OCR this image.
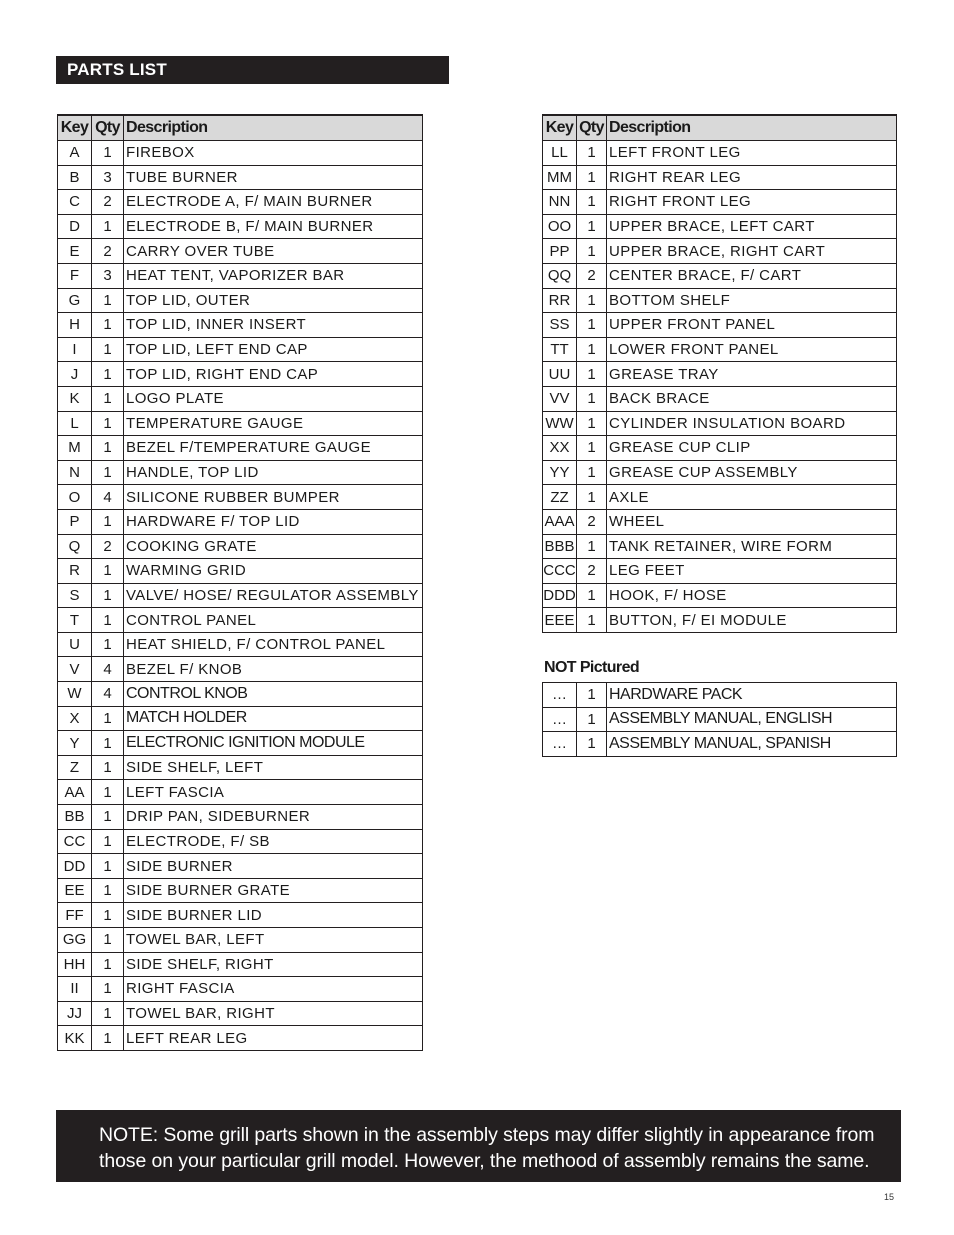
PARTS LIST
Key	Qty	Description
A	1	FIREBOX
B	3	TUBE BURNER
C	2	ELECTRODE A, F/ MAIN BURNER
D	1	ELECTRODE B, F/ MAIN BURNER
E	2	CARRY OVER TUBE
F	3	HEAT TENT, VAPORIZER BAR
G	1	TOP LID, OUTER
H	1	TOP LID, INNER INSERT
I	1	TOP LID, LEFT END CAP
J	1	TOP LID, RIGHT END CAP
K	1	LOGO PLATE
L	1	TEMPERATURE GAUGE
M	1	BEZEL F/TEMPERATURE GAUGE
N	1	HANDLE, TOP LID
O	4	SILICONE RUBBER BUMPER
P	1	HARDWARE F/ TOP LID
Q	2	COOKING GRATE
R	1	WARMING GRID
S	1	VALVE/ HOSE/ REGULATOR ASSEMBLY
T	1	CONTROL PANEL
U	1	HEAT SHIELD, F/ CONTROL PANEL
V	4	BEZEL F/ KNOB
W	4	CONTROL KNOB
X	1	MATCH HOLDER
Y	1	ELECTRONIC IGNITION MODULE
Z	1	SIDE SHELF, LEFT
AA	1	LEFT FASCIA
BB	1	DRIP PAN, SIDEBURNER
CC	1	ELECTRODE, F/ SB
DD	1	SIDE BURNER
EE	1	SIDE BURNER GRATE
FF	1	SIDE BURNER LID
GG	1	TOWEL BAR, LEFT
HH	1	SIDE SHELF, RIGHT
II	1	RIGHT FASCIA
JJ	1	TOWEL BAR, RIGHT
KK	1	LEFT REAR LEG
Key	Qty	Description
LL	1	LEFT FRONT LEG
MM	1	RIGHT REAR LEG
NN	1	RIGHT FRONT LEG
OO	1	UPPER BRACE, LEFT CART
PP	1	UPPER BRACE, RIGHT CART
QQ	2	CENTER BRACE, F/ CART
RR	1	BOTTOM SHELF
SS	1	UPPER FRONT PANEL
TT	1	LOWER FRONT PANEL
UU	1	GREASE TRAY
VV	1	BACK BRACE
WW	1	CYLINDER INSULATION BOARD
XX	1	GREASE CUP CLIP
YY	1	GREASE CUP ASSEMBLY
ZZ	1	AXLE
AAA	2	WHEEL
BBB	1	TANK RETAINER, WIRE FORM
CCC	2	LEG FEET
DDD	1	HOOK, F/ HOSE
EEE	1	BUTTON, F/ EI MODULE
NOT Pictured
…	1	HARDWARE PACK
…	1	ASSEMBLY MANUAL, ENGLISH
…	1	ASSEMBLY MANUAL, SPANISH

NOTE: Some grill parts shown in the assembly steps may differ slightly in appearance from

those on your particular grill model. However, the methood of assembly remains the same.

15
